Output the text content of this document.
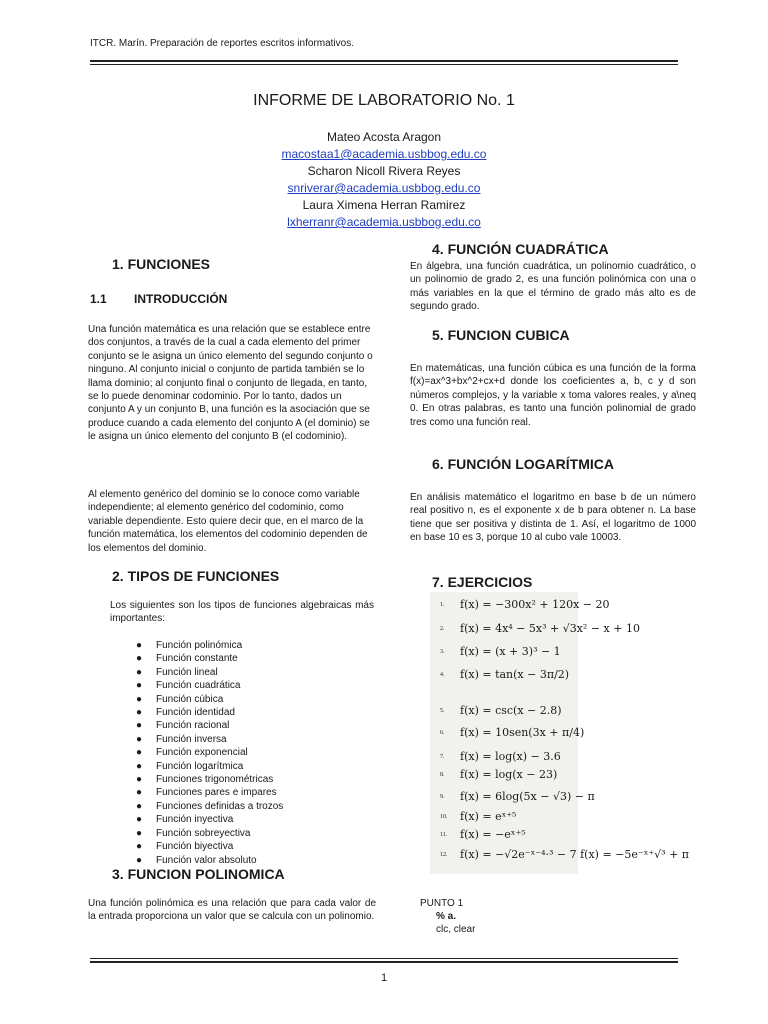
ITCR. Marín. Preparación de reportes escritos informativos.
INFORME DE LABORATORIO No. 1
Mateo Acosta Aragon
macostaa1@academia.usbbog.edu.co
Scharon Nicoll Rivera Reyes
snriverar@academia.usbbog.edu.co
Laura Ximena Herran Ramirez
lxherranr@academia.usbbog.edu.co
1. FUNCIONES
1.1 INTRODUCCIÓN
Una función matemática es una relación que se establece entre dos conjuntos, a través de la cual a cada elemento del primer conjunto se le asigna un único elemento del segundo conjunto o ninguno. Al conjunto inicial o conjunto de partida también se lo llama dominio; al conjunto final o conjunto de llegada, en tanto, se lo puede denominar codominio. Por lo tanto, dados un conjunto A y un conjunto B, una función es la asociación que se produce cuando a cada elemento del conjunto A (el dominio) se le asigna un único elemento del conjunto B (el codominio).
Al elemento genérico del dominio se lo conoce como variable independiente; al elemento genérico del codominio, como variable dependiente. Esto quiere decir que, en el marco de la función matemática, los elementos del codominio dependen de los elementos del dominio.
2. TIPOS DE FUNCIONES
Los siguientes son los tipos de funciones algebraicas más importantes:
● Función polinómica
● Función constante
● Función lineal
● Función cuadrática
● Función cúbica
● Función identidad
● Función racional
● Función inversa
● Función exponencial
● Función logarítmica
● Funciones trigonométricas
● Funciones pares e impares
● Funciones definidas a trozos
● Función inyectiva
● Función sobreyectiva
● Función biyectiva
● Función valor absoluto
3. FUNCION POLINOMICA
Una función polinómica es una relación que para cada valor de la entrada proporciona un valor que se calcula con un polinomio.
4. FUNCIÓN CUADRÁTICA
En álgebra, una función cuadrática, un polinomio cuadrático, o un polinomio de grado 2, es una función polinómica con una o más variables en la que el término de grado más alto es de segundo grado.
5. FUNCION CUBICA
En matemáticas, una función cúbica es una función de la forma f(x)=ax^3+bx^2+cx+d donde los coeficientes a, b, c y d son números complejos, y la variable x toma valores reales, y a\neq 0. En otras palabras, es tanto una función polinomial de grado tres como una función real.
6. FUNCIÓN LOGARÍTMICA
En análisis matemático el logaritmo en base b de un número real positivo n, es el exponente x de b para obtener n. La base tiene que ser positiva y distinta de 1. Así, el logaritmo de 1000 en base 10 es 3, porque 10 al cubo vale 10003.
7. EJERCICIOS
1. f(x) = −300x² + 120x − 20
2. f(x) = 4x⁴ − 5x³ + √3x² − x + 10
3. f(x) = (x + 3)³ − 1
4. f(x) = tan(x − 3π/2)
5. f(x) = csc(x − 2.8)
6. f(x) = 10sen(3x + π/4)
7. f(x) = log(x) − 3.6
8. f(x) = log(x − 23)
9. f(x) = 6log(5x − √3) − π
10. f(x) = eˣ⁺⁵
11. f(x) = −eˣ⁺⁵
12. f(x) = −√2e⁻ˣ⁻⁴·³ − 7 f(x) = −5e⁻ˣ⁺√³ + π
PUNTO 1
% a.
clc, clear
1
